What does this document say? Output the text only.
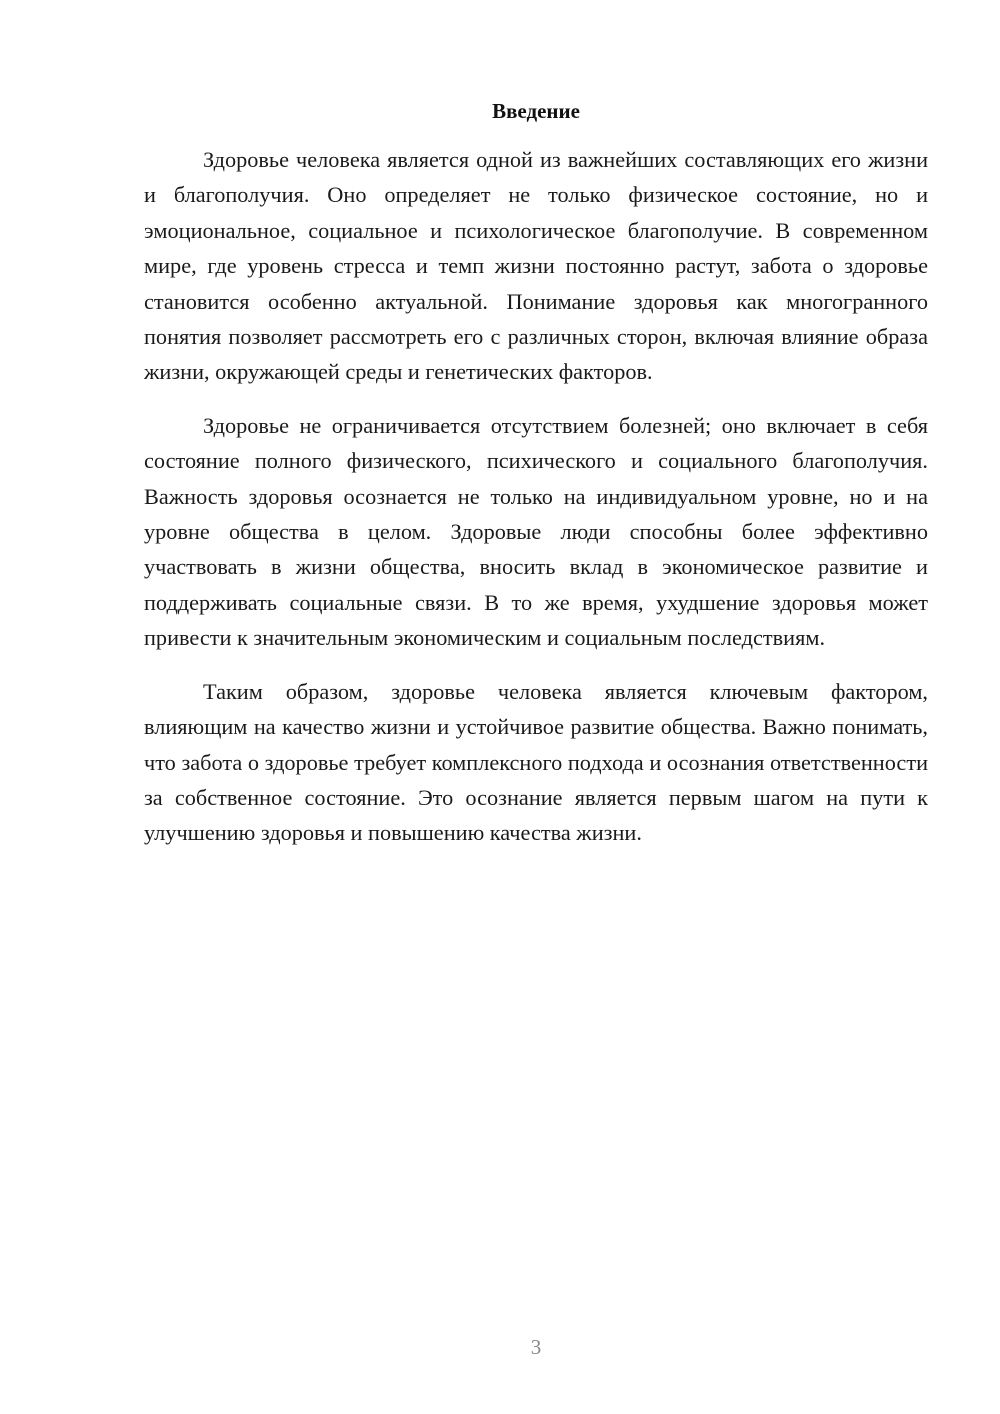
Введение

Здоровье человека является одной из важнейших составляющих его жизни и благополучия. Оно определяет не только физическое состояние, но и эмоциональное, социальное и психологическое благополучие. В современном мире, где уровень стресса и темп жизни постоянно растут, забота о здоровье становится особенно актуальной. Понимание здоровья как многогранного понятия позволяет рассмотреть его с различных сторон, включая влияние образа жизни, окружающей среды и генетических факторов.

Здоровье не ограничивается отсутствием болезней; оно включает в себя состояние полного физического, психического и социального благополучия. Важность здоровья осознается не только на индивидуальном уровне, но и на уровне общества в целом. Здоровые люди способны более эффективно участвовать в жизни общества, вносить вклад в экономическое развитие и поддерживать социальные связи. В то же время, ухудшение здоровья может привести к значительным экономическим и социальным последствиям.

Таким образом, здоровье человека является ключевым фактором, влияющим на качество жизни и устойчивое развитие общества. Важно понимать, что забота о здоровье требует комплексного подхода и осознания ответственности за собственное состояние. Это осознание является первым шагом на пути к улучшению здоровья и повышению качества жизни.

3
